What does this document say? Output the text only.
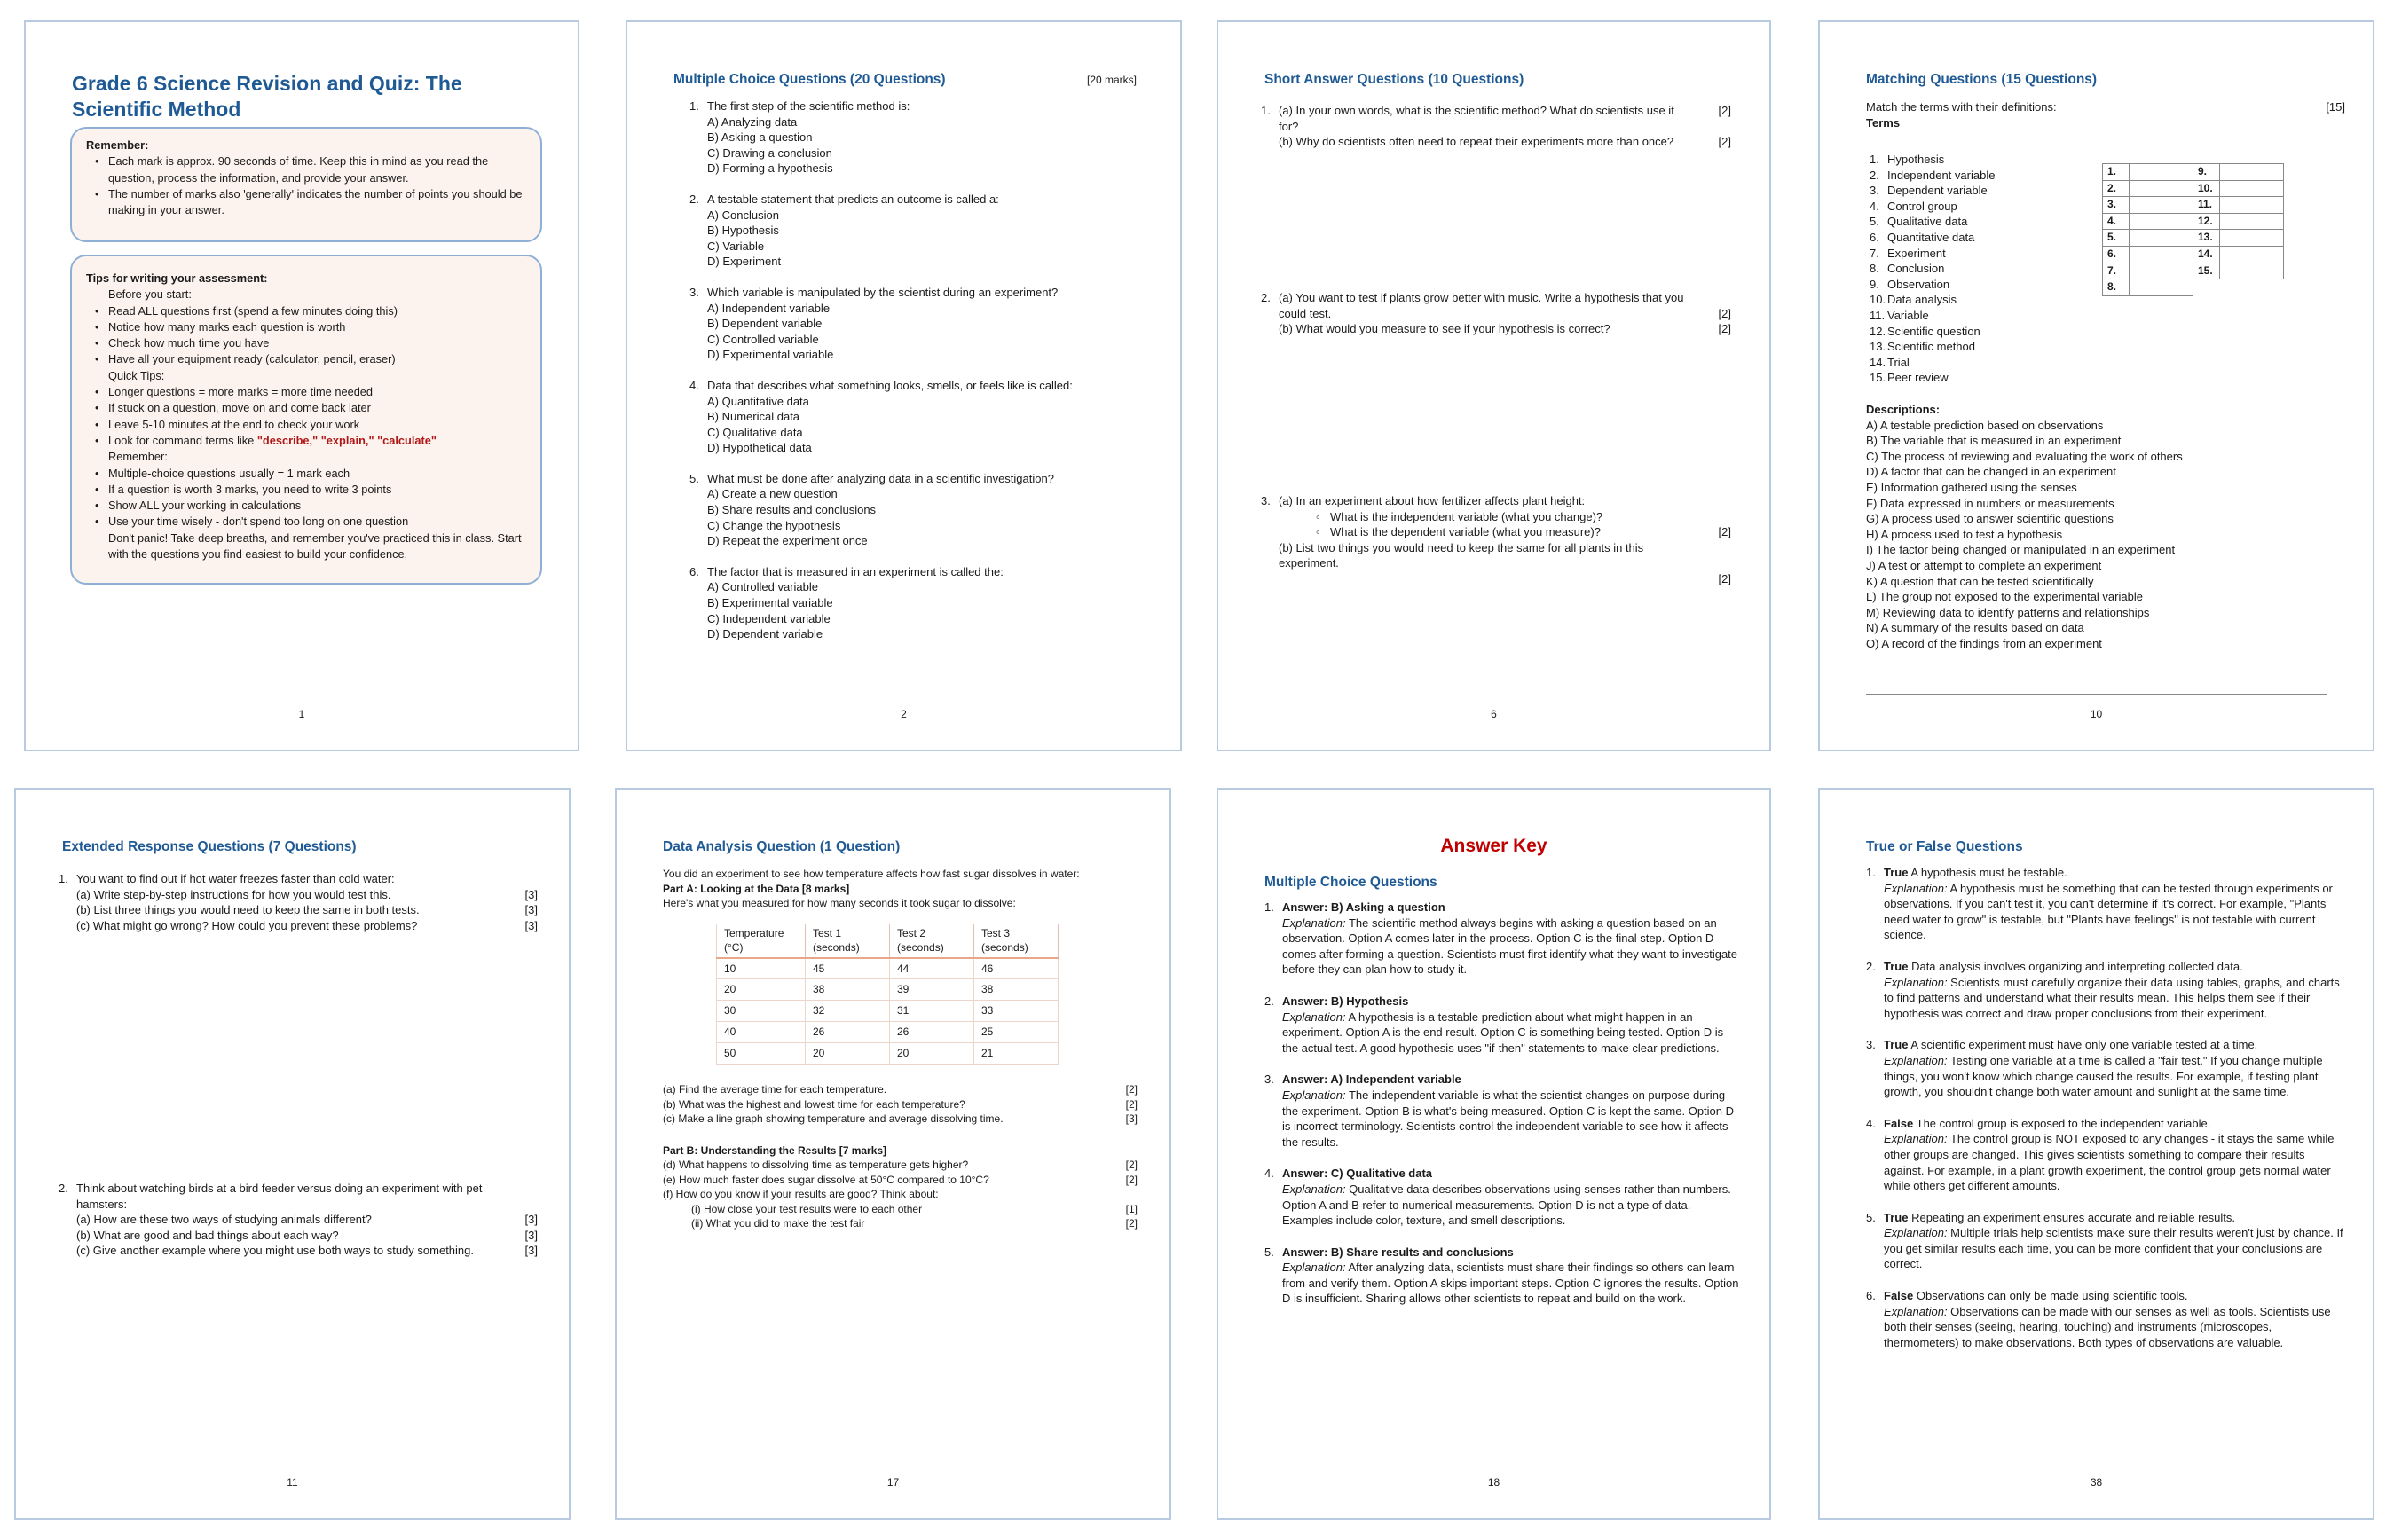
Grade 6 Science Revision and Quiz: The Scientific Method
Remember:
• Each mark is approx. 90 seconds of time. Keep this in mind as you read the question, process the information, and provide your answer.
• The number of marks also 'generally' indicates the number of points you should be making in your answer.
Tips for writing your assessment:
Before you start:
• Read ALL questions first (spend a few minutes doing this)
• Notice how many marks each question is worth
• Check how much time you have
• Have all your equipment ready (calculator, pencil, eraser)
Quick Tips:
• Longer questions = more marks = more time needed
• If stuck on a question, move on and come back later
• Leave 5-10 minutes at the end to check your work
• Look for command terms like "describe," "explain," "calculate"
Remember:
• Multiple-choice questions usually = 1 mark each
• If a question is worth 3 marks, you need to write 3 points
• Show ALL your working in calculations
• Use your time wisely - don't spend too long on one question
Don't panic! Take deep breaths, and remember you've practiced this in class. Start with the questions you find easiest to build your confidence.
1
Multiple Choice Questions (20 Questions)	[20 marks]
1. The first step of the scientific method is:
A) Analyzing data
B) Asking a question
C) Drawing a conclusion
D) Forming a hypothesis
2. A testable statement that predicts an outcome is called a:
A) Conclusion
B) Hypothesis
C) Variable
D) Experiment
3. Which variable is manipulated by the scientist during an experiment?
A) Independent variable
B) Dependent variable
C) Controlled variable
D) Experimental variable
4. Data that describes what something looks, smells, or feels like is called:
A) Quantitative data
B) Numerical data
C) Qualitative data
D) Hypothetical data
5. What must be done after analyzing data in a scientific investigation?
A) Create a new question
B) Share results and conclusions
C) Change the hypothesis
D) Repeat the experiment once
6. The factor that is measured in an experiment is called the:
A) Controlled variable
B) Experimental variable
C) Independent variable
D) Dependent variable
2
Short Answer Questions (10 Questions)
1. (a) In your own words, what is the scientific method? What do scientists use it for?
[2]
(b) Why do scientists often need to repeat their experiments more than once?	[2]
2. (a) You want to test if plants grow better with music. Write a hypothesis that you
could test.	[2]
(b) What would you measure to see if your hypothesis is correct?	[2]
3. (a) In an experiment about how fertilizer affects plant height:
◦ What is the independent variable (what you change)?
◦ What is the dependent variable (what you measure)?	[2]
(b) List two things you would need to keep the same for all plants in this experiment.
[2]

6
Matching Questions (15 Questions)
Match the terms with their definitions:	[15]
Terms
1. Hypothesis
2. Independent variable
3. Dependent variable
4. Control group
5. Qualitative data
6. Quantitative data
7. Experiment
8. Conclusion
9. Observation
10. Data analysis
11. Variable
12. Scientific question
13. Scientific method
14. Trial
15. Peer review
1.		9.	
2.		10.	
3.		11.	
4.		12.	
5.		13.	
6.		14.	
7.		15.	
8.			
Descriptions:
A) A testable prediction based on observations
B) The variable that is measured in an experiment
C) The process of reviewing and evaluating the work of others
D) A factor that can be changed in an experiment
E) Information gathered using the senses
F) Data expressed in numbers or measurements
G) A process used to answer scientific questions
H) A process used to test a hypothesis
I) The factor being changed or manipulated in an experiment
J) A test or attempt to complete an experiment
K) A question that can be tested scientifically
L) The group not exposed to the experimental variable
M) Reviewing data to identify patterns and relationships
N) A summary of the results based on data
O) A record of the findings from an experiment
10
Extended Response Questions (7 Questions)
1. You want to find out if hot water freezes faster than cold water:
(a) Write step-by-step instructions for how you would test this.	[3]
(b) List three things you would need to keep the same in both tests.	[3]
(c) What might go wrong? How could you prevent these problems?	[3]
2. Think about watching birds at a bird feeder versus doing an experiment with pet
hamsters:
(a) How are these two ways of studying animals different?	[3]
(b) What are good and bad things about each way?	[3]
(c) Give another example where you might use both ways to study something.	[3]
11
Data Analysis Question (1 Question)
You did an experiment to see how temperature affects how fast sugar dissolves in water:
Part A: Looking at the Data [8 marks]
Here's what you measured for how many seconds it took sugar to dissolve:
Temperature (°C)	Test 1 (seconds)	Test 2 (seconds)	Test 3 (seconds)
10	45	44	46
20	38	39	38
30	32	31	33
40	26	26	25
50	20	20	21
(a) Find the average time for each temperature.	[2]
(b) What was the highest and lowest time for each temperature?	[2]
(c) Make a line graph showing temperature and average dissolving time.	[3]
Part B: Understanding the Results [7 marks]
(d) What happens to dissolving time as temperature gets higher?	[2]
(e) How much faster does sugar dissolve at 50°C compared to 10°C?	[2]
(f) How do you know if your results are good? Think about:
(i) How close your test results were to each other	[1]
(ii) What you did to make the test fair	[2]
17
Answer Key
Multiple Choice Questions
1. Answer: B) Asking a question
Explanation: The scientific method always begins with asking a question based on an observation. Option A comes later in the process. Option C is the final step. Option D comes after forming a question. Scientists must first identify what they want to investigate before they can plan how to study it.
2. Answer: B) Hypothesis
Explanation: A hypothesis is a testable prediction about what might happen in an experiment. Option A is the end result. Option C is something being tested. Option D is the actual test. A good hypothesis uses "if-then" statements to make clear predictions.
3. Answer: A) Independent variable
Explanation: The independent variable is what the scientist changes on purpose during the experiment. Option B is what's being measured. Option C is kept the same. Option D is incorrect terminology. Scientists control the independent variable to see how it affects the results.
4. Answer: C) Qualitative data
Explanation: Qualitative data describes observations using senses rather than numbers. Option A and B refer to numerical measurements. Option D is not a type of data. Examples include color, texture, and smell descriptions.
5. Answer: B) Share results and conclusions
Explanation: After analyzing data, scientists must share their findings so others can learn from and verify them. Option A skips important steps. Option C ignores the results. Option D is insufficient. Sharing allows other scientists to repeat and build on the work.
18
True or False Questions
1. True A hypothesis must be testable.
Explanation: A hypothesis must be something that can be tested through experiments or observations. If you can't test it, you can't determine if it's correct. For example, "Plants need water to grow" is testable, but "Plants have feelings" is not testable with current science.
2. True Data analysis involves organizing and interpreting collected data.
Explanation: Scientists must carefully organize their data using tables, graphs, and charts to find patterns and understand what their results mean. This helps them see if their hypothesis was correct and draw proper conclusions from their experiment.
3. True A scientific experiment must have only one variable tested at a time.
Explanation: Testing one variable at a time is called a "fair test." If you change multiple things, you won't know which change caused the results. For example, if testing plant growth, you shouldn't change both water amount and sunlight at the same time.
4. False The control group is exposed to the independent variable.
Explanation: The control group is NOT exposed to any changes - it stays the same while other groups are changed. This gives scientists something to compare their results against. For example, in a plant growth experiment, the control group gets normal water while others get different amounts.
5. True Repeating an experiment ensures accurate and reliable results.
Explanation: Multiple trials help scientists make sure their results weren't just by chance. If you get similar results each time, you can be more confident that your conclusions are correct.
6. False Observations can only be made using scientific tools.
Explanation: Observations can be made with our senses as well as tools. Scientists use both their senses (seeing, hearing, touching) and instruments (microscopes, thermometers) to make observations. Both types of observations are valuable.
38
